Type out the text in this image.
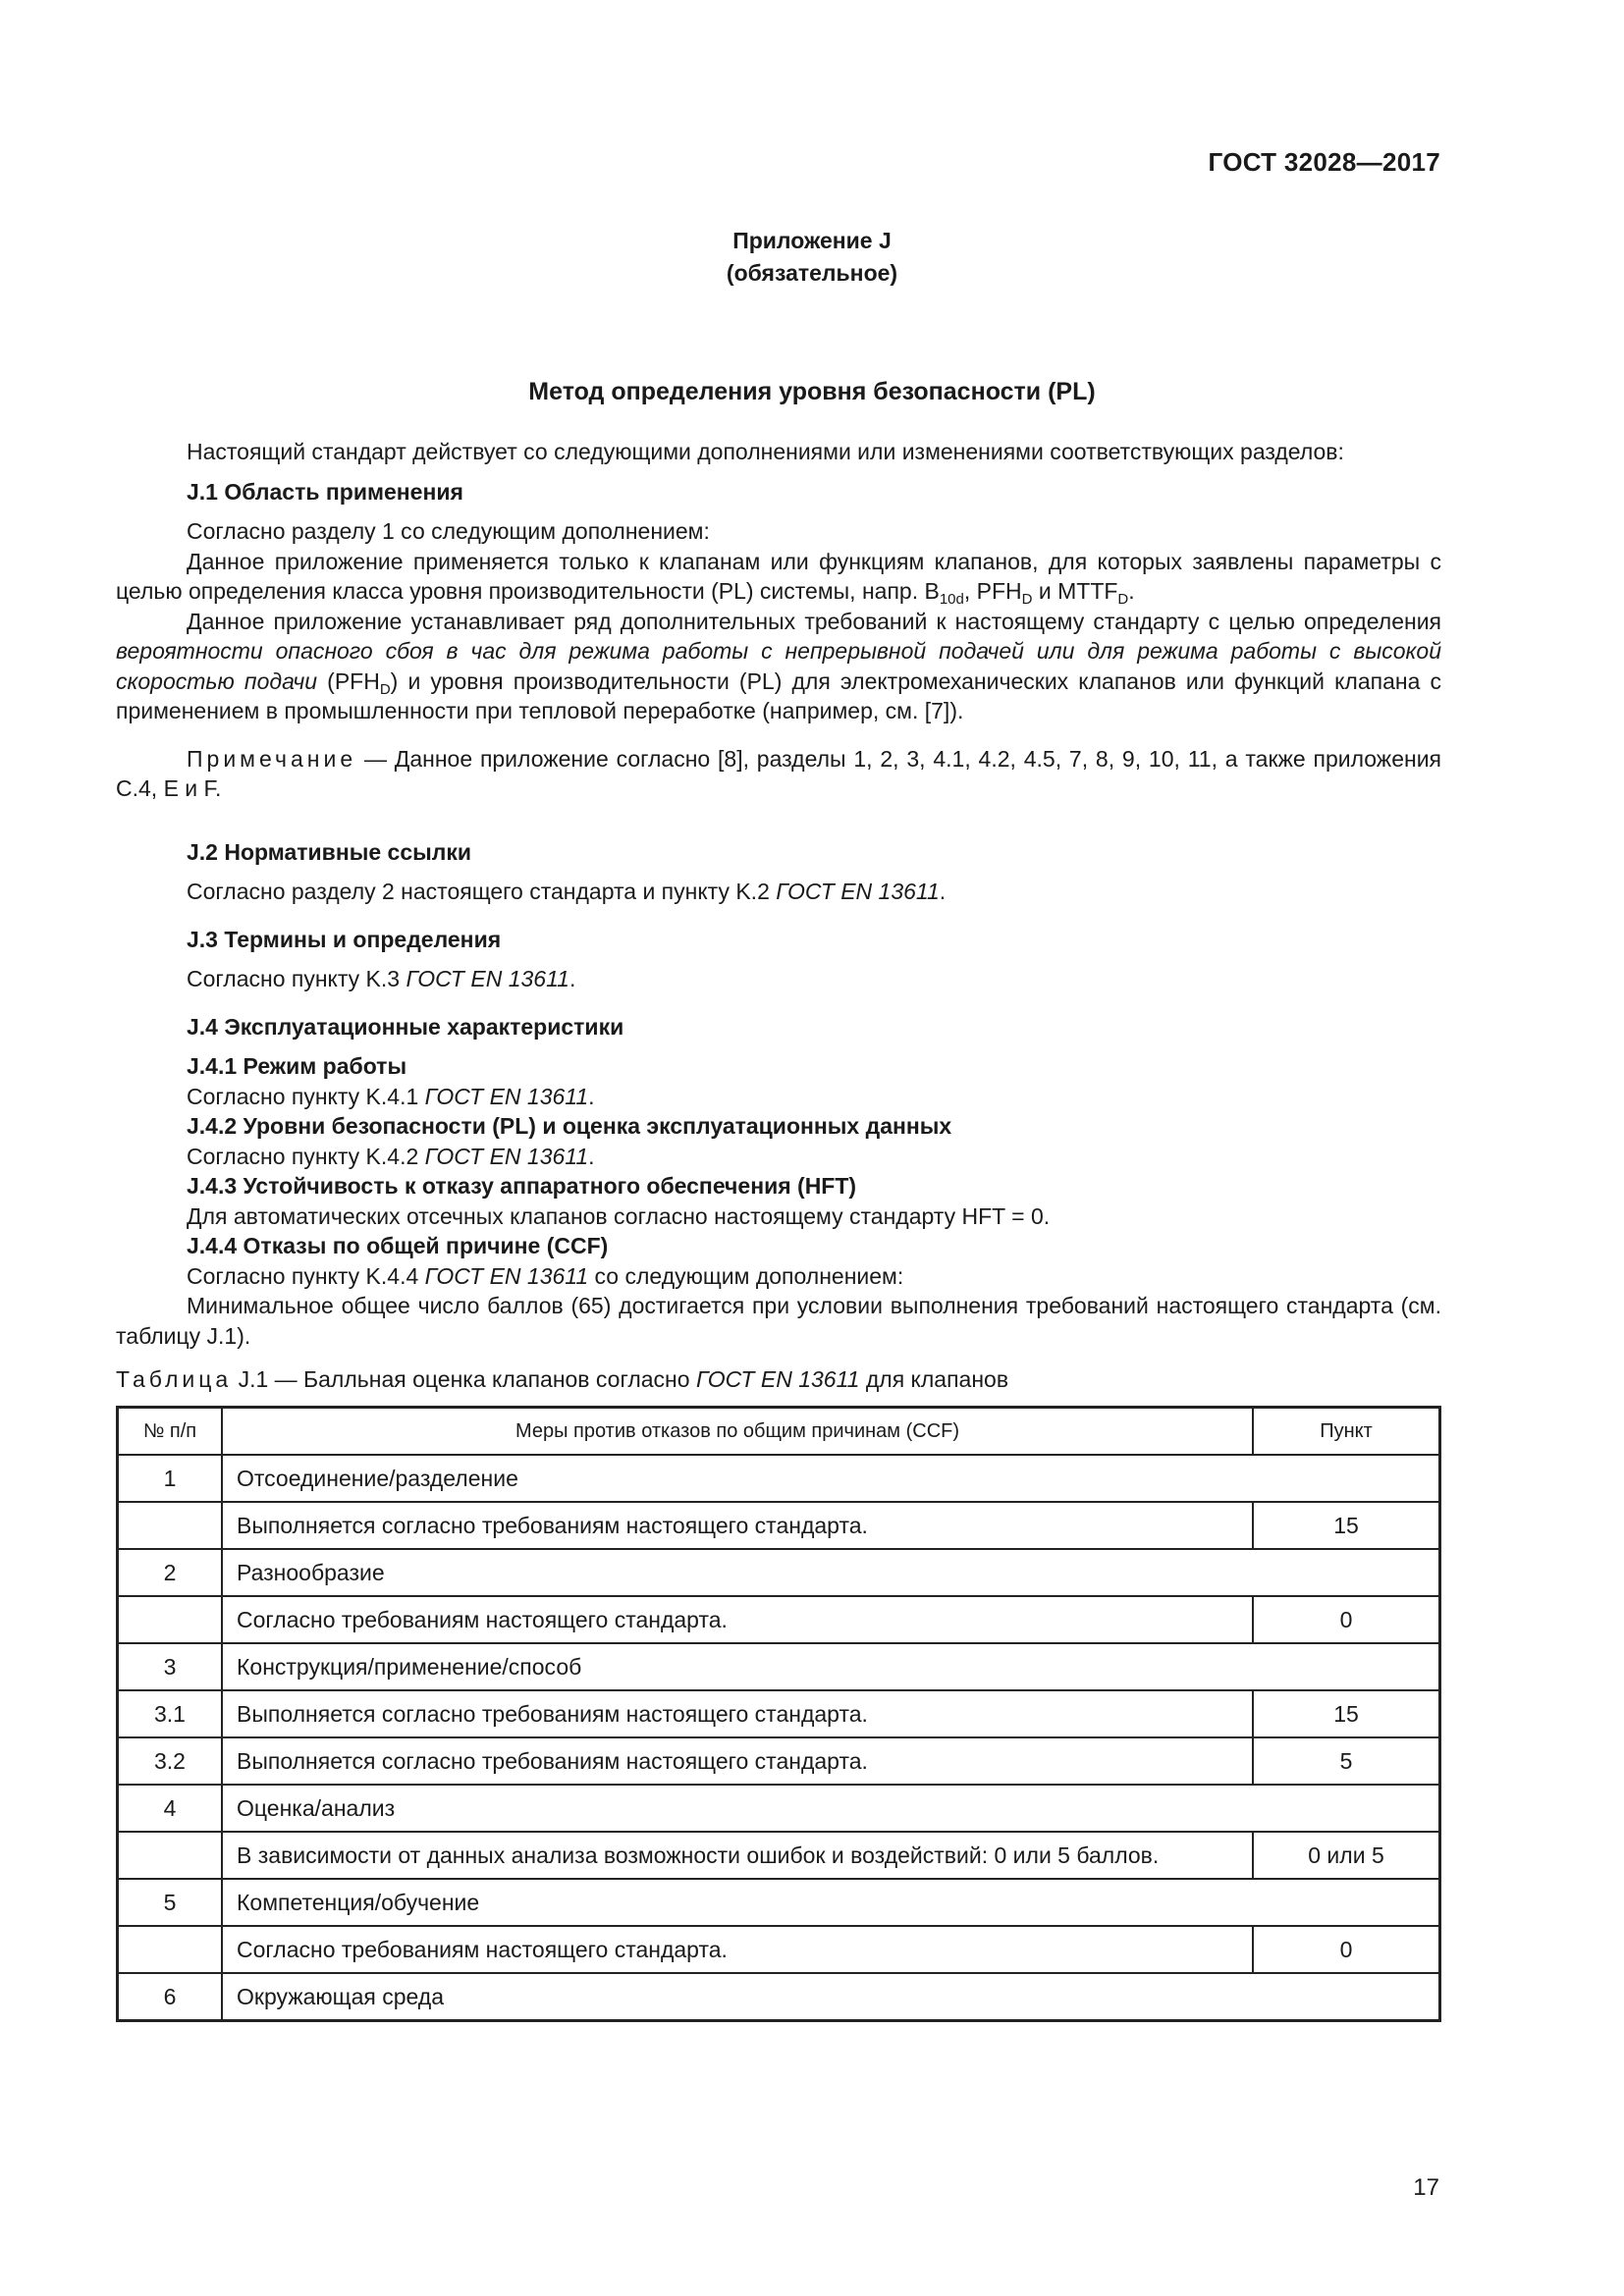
ГОСТ 32028—2017
Приложение J
(обязательное)
Метод определения уровня безопасности (PL)

Настоящий стандарт действует со следующими дополнениями или изменениями соответствующих разделов:

J.1 Область применения

Согласно разделу 1 со следующим дополнением:

Данное приложение применяется только к клапанам или функциям клапанов, для которых заявлены параметры с целью определения класса уровня производительности (PL) системы, напр. $B_{10d}$, $PFH_D$ и $MTTF_D$.

Данное приложение устанавливает ряд дополнительных требований к настоящему стандарту с целью определения вероятности опасного сбоя в час для режима работы с непрерывной подачей или для режима работы с высокой скоростью подачи $(PFH_D)$ и уровня производительности (PL) для электромеханических клапанов или функций клапана с применением в промышленности при тепловой переработке (например, см. [7]).

Примечание — Данное приложение согласно [8], разделы 1, 2, 3, 4.1, 4.2, 4.5, 7, 8, 9, 10, 11, а также приложения С.4, Е и F.

J.2 Нормативные ссылки

Согласно разделу 2 настоящего стандарта и пункту K.2 ГОСТ EN 13611.

J.3 Термины и определения

Согласно пункту K.3 ГОСТ EN 13611.

J.4 Эксплуатационные характеристики

J.4.1 Режим работы

Согласно пункту K.4.1 ГОСТ EN 13611.

J.4.2 Уровни безопасности (PL) и оценка эксплуатационных данных

Согласно пункту K.4.2 ГОСТ EN 13611.

J.4.3 Устойчивость к отказу аппаратного обеспечения (HFT)

Для автоматических отсечных клапанов согласно настоящему стандарту HFT = 0.

J.4.4 Отказы по общей причине (CCF)

Согласно пункту K.4.4 ГОСТ EN 13611 со следующим дополнением:

Минимальное общее число баллов (65) достигается при условии выполнения требований настоящего стандарта (см. таблицу J.1).

Таблица J.1 — Балльная оценка клапанов согласно ГОСТ EN 13611 для клапанов
№ п/п	Меры против отказов по общим причинам (CCF)	Пункт
1	Отсоединение/разделение	
	Выполняется согласно требованиям настоящего стандарта.	15
2	Разнообразие	
	Согласно требованиям настоящего стандарта.	0
3	Конструкция/применение/способ	
3.1	Выполняется согласно требованиям настоящего стандарта.	15
3.2	Выполняется согласно требованиям настоящего стандарта.	5
4	Оценка/анализ	
	В зависимости от данных анализа возможности ошибок и воздействий: 0 или 5 баллов.	0 или 5
5	Компетенция/обучение	
	Согласно требованиям настоящего стандарта.	0
6	Окружающая среда	
17
